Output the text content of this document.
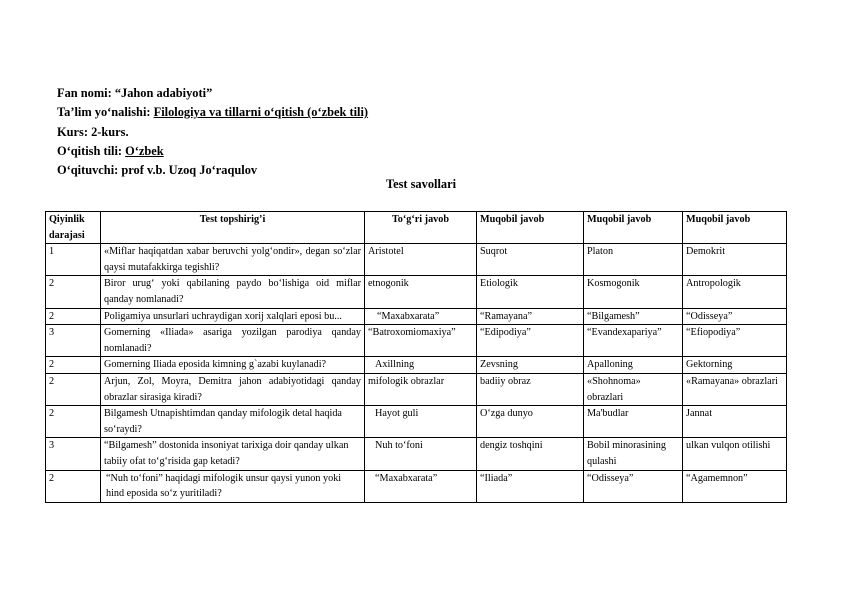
Fan nomi: “Jahon adabiyoti”
Ta’lim yo‘nalishi: Filologiya va tillarni o‘qitish (o‘zbek tili)
Kurs: 2-kurs.
O‘qitish tili: O‘zbek
O‘qituvchi: prof v.b. Uzoq Jo‘raqulov
Test savollari
Qiyinlik darajasi	Test topshirig’i	To‘g‘ri javob	Muqobil javob	Muqobil javob	Muqobil javob
1	«Miflar haqiqatdan xabar beruvchi yolg‘ondir», degan so‘zlar qaysi mutafakkirga tegishli?	Aristotel	Suqrot	Platon	Demokrit
2	Biror urug‘ yoki qabilaning paydo bo‘lishiga oid miflar qanday nomlanadi?	etnogonik	Etiologik	Kosmogonik	Antropologik
2	Poligamiya unsurlari uchraydigan xorij xalqlari eposi bu...	“Maxabxarata”	“Ramayana”	“Bilgamesh”	“Odisseya”
3	Gomerning «Iliada» asariga yozilgan parodiya qanday nomlanadi?	“Batroxomiomaxiya”	“Edipodiya”	“Evandexapariya”	“Efiopodiya”
2	Gomerning Iliada eposida kimning g`azabi kuylanadi?	Axillning	Zevsning	Apalloning	Gektorning
2	Arjun, Zol, Moyra, Demitra jahon adabiyotidagi qanday obrazlar sirasiga kiradi?	mifologik obrazlar	badiiy obraz	«Shohnoma» obrazlari	«Ramayana» obrazlari
2	Bilgamesh Utnapishtimdan qanday mifologik detal haqida so‘raydi?	Hayot guli	O‘zga dunyo	Ma'budlar	Jannat
3	“Bilgamesh” dostonida insoniyat tarixiga doir qanday ulkan tabiiy ofat to‘g‘risida gap ketadi?	Nuh to‘foni	dengiz toshqini	Bobil minorasining qulashi	ulkan vulqon otilishi
2	“Nuh to‘foni” haqidagi mifologik unsur qaysi yunon yoki hind eposida so‘z yuritiladi?	“Maxabxarata”	“Iliada”	“Odisseya”	“Agamemnon”
